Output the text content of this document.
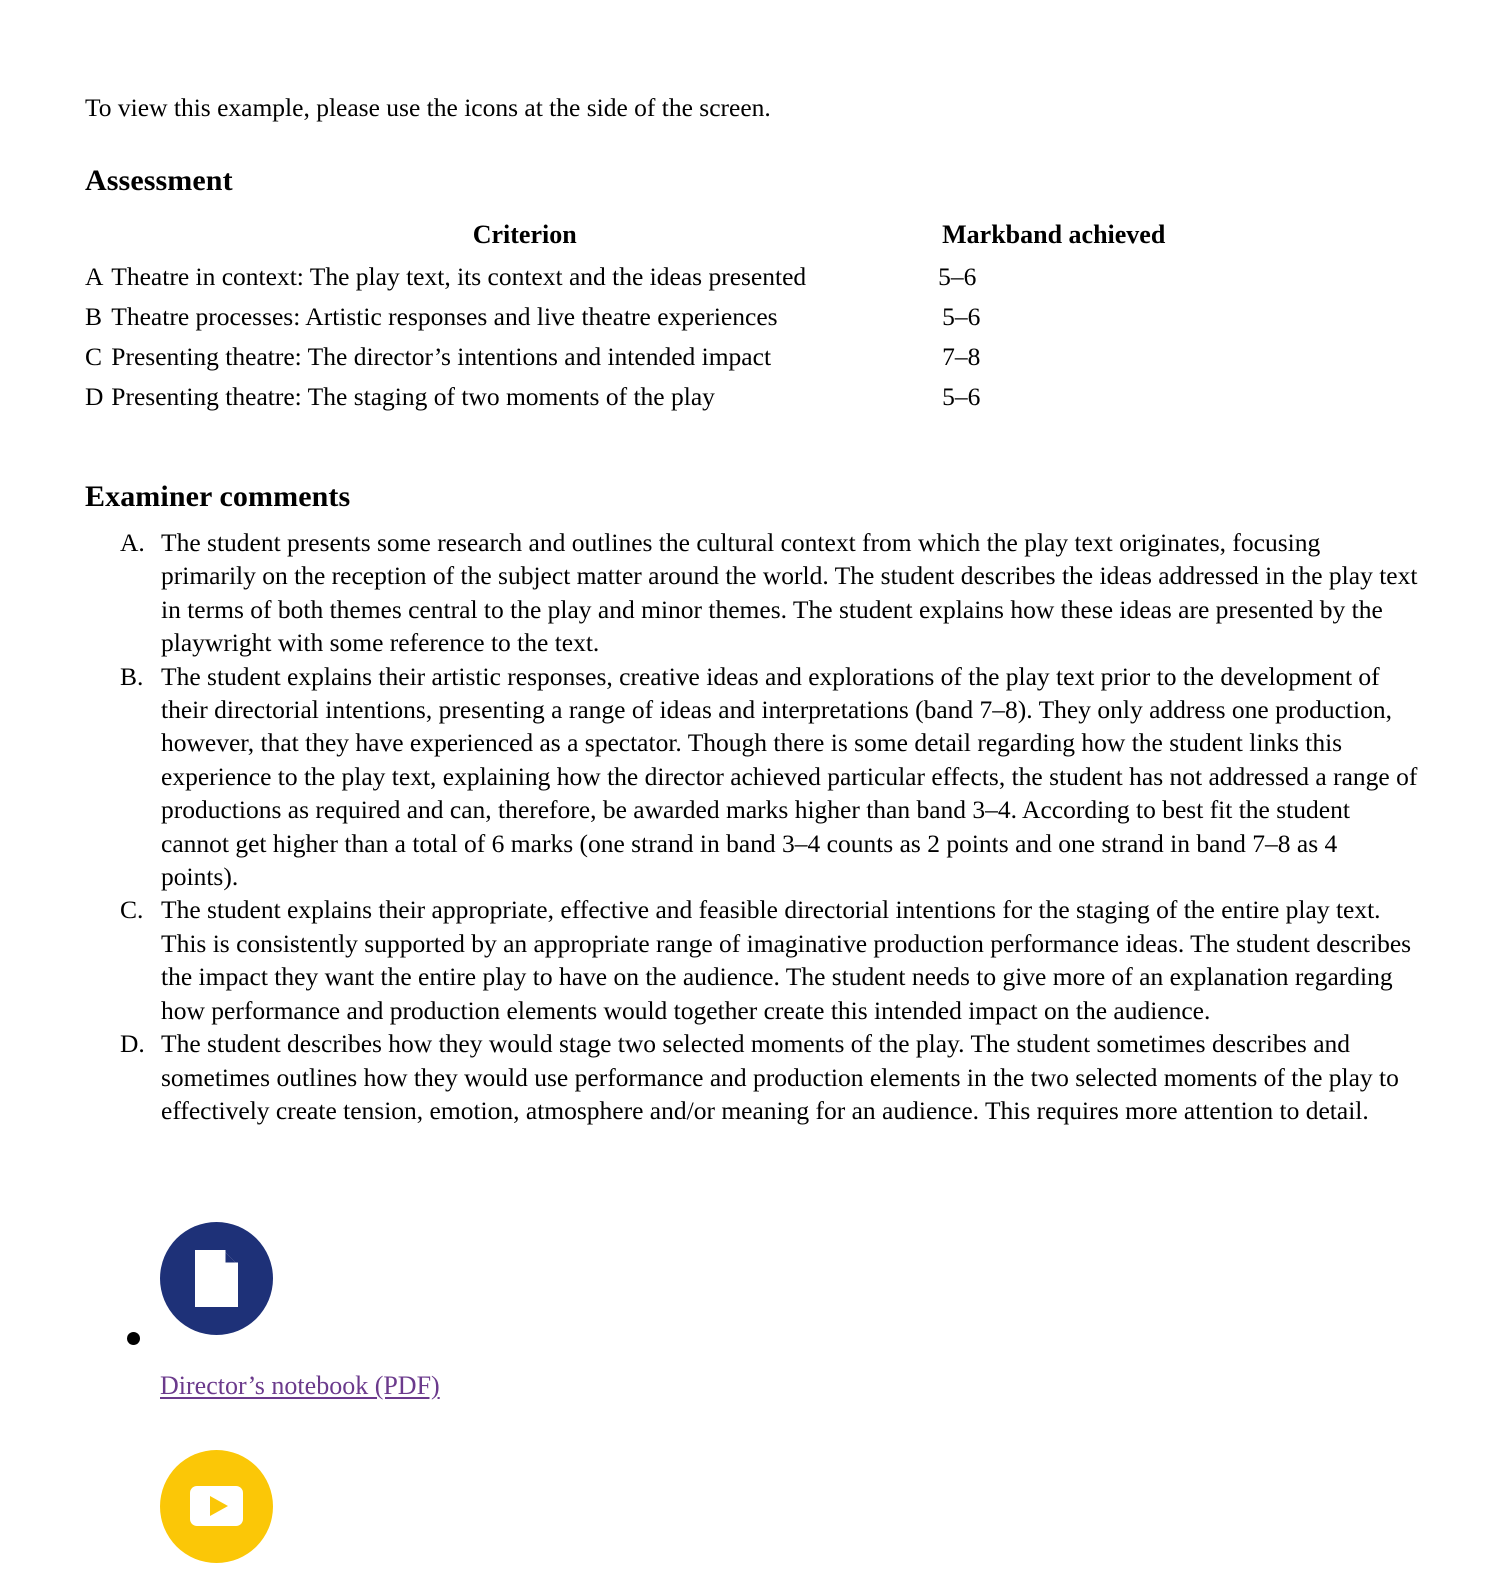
To view this example, please use the icons at the side of the screen.

Assessment
	Criterion	Markband achieved
A	Theatre in context: The play text, its context and the ideas presented	5–6
B	Theatre processes: Artistic responses and live theatre experiences	5–6
C	Presenting theatre: The director’s intentions and intended impact	7–8
D	Presenting theatre: The staging of two moments of the play	5–6
Examiner comments
A. The student presents some research and outlines the cultural context from which the play text originates, focusing primarily on the reception of the subject matter around the world. The student describes the ideas addressed in the play text in terms of both themes central to the play and minor themes. The student explains how these ideas are presented by the playwright with some reference to the text.
B. The student explains their artistic responses, creative ideas and explorations of the play text prior to the development of their directorial intentions, presenting a range of ideas and interpretations (band 7–8). They only address one production, however, that they have experienced as a spectator. Though there is some detail regarding how the student links this experience to the play text, explaining how the director achieved particular effects, the student has not addressed a range of productions as required and can, therefore, be awarded marks higher than band 3–4. According to best fit the student cannot get higher than a total of 6 marks (one strand in band 3–4 counts as 2 points and one strand in band 7–8 as 4 points).
C. The student explains their appropriate, effective and feasible directorial intentions for the staging of the entire play text. This is consistently supported by an appropriate range of imaginative production performance ideas. The student describes the impact they want the entire play to have on the audience. The student needs to give more of an explanation regarding how performance and production elements would together create this intended impact on the audience.
D. The student describes how they would stage two selected moments of the play. The student sometimes describes and sometimes outlines how they would use performance and production elements in the two selected moments of the play to effectively create tension, emotion, atmosphere and/or meaning for an audience. This requires more attention to detail.
Director’s notebook (PDF)
